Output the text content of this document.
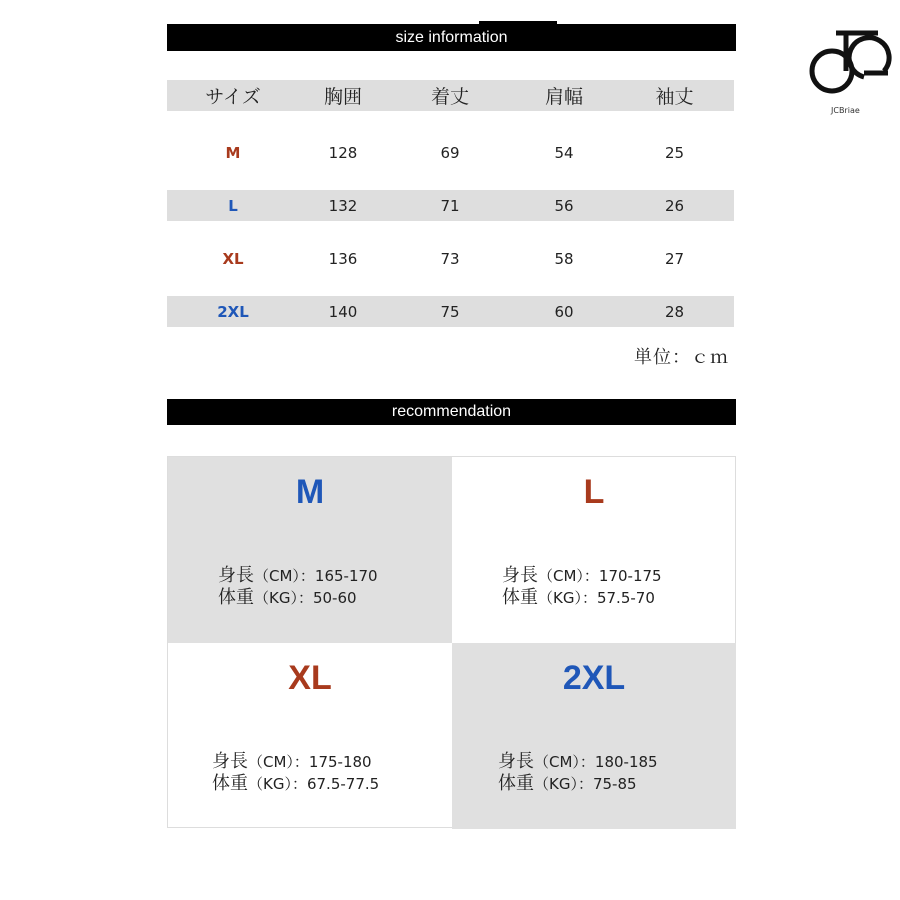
size information
JCBriae
サイズ	胸囲	着丈	肩幅	袖丈
M	128	69	54	25
L	132	71	56	26
XL	136	73	58	27
2XL	140	75	60	28
単位：ｃｍ
recommendation
M
身長（CM）：165-170
体重（KG）：50-60
L
身長（CM）：170-175
体重（KG）：57.5-70
XL
身長（CM）：175-180
体重（KG）：67.5-77.5
2XL
身長（CM）：180-185
体重（KG）：75-85
